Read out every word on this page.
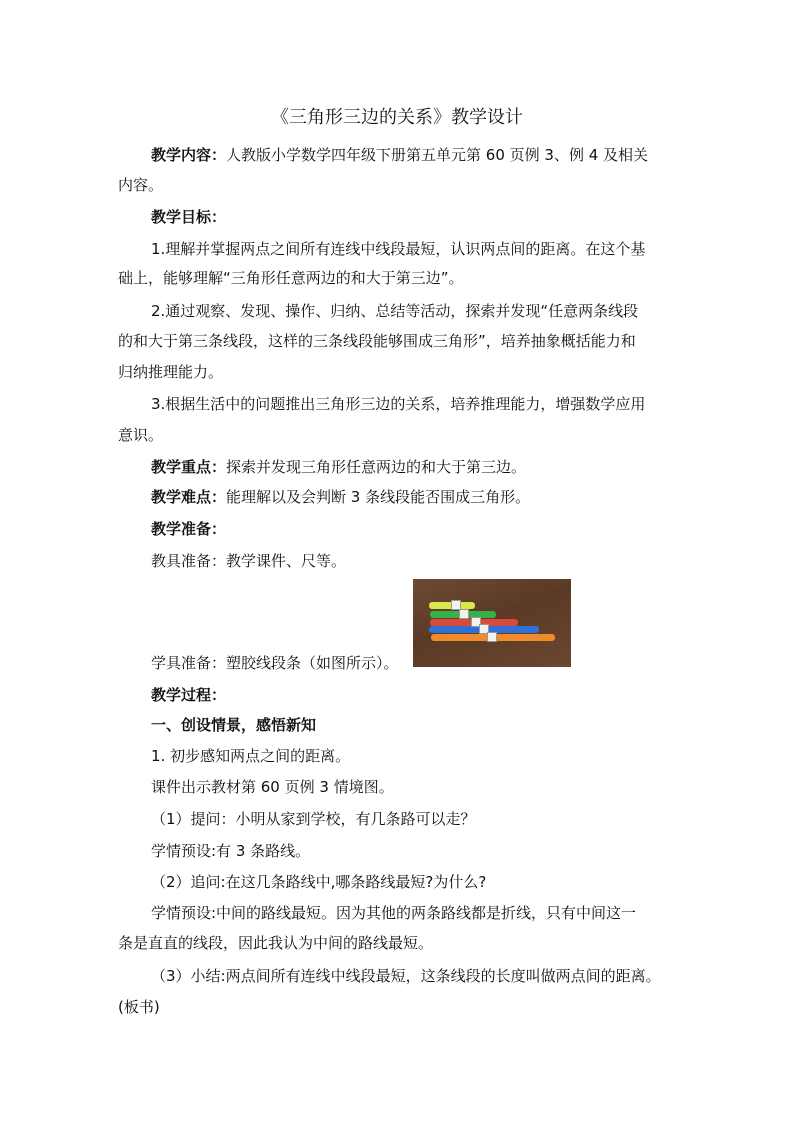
《三角形三边的关系》教学设计
教学内容：人教版小学数学四年级下册第五单元第 60 页例 3、例 4 及相关
内容。
教学目标：
1.理解并掌握两点之间所有连线中线段最短，认识两点间的距离。在这个基
础上，能够理解“三角形任意两边的和大于第三边”。
2.通过观察、发现、操作、归纳、总结等活动，探索并发现“任意两条线段
的和大于第三条线段，这样的三条线段能够围成三角形”，培养抽象概括能力和
归纳推理能力。
3.根据生活中的问题推出三角形三边的关系，培养推理能力，增强数学应用
意识。
教学重点：探索并发现三角形任意两边的和大于第三边。
教学难点：能理解以及会判断 3 条线段能否围成三角形。
教学准备：
教具准备：教学课件、尺等。
学具准备：塑胶线段条（如图所示）。
教学过程：
一、创设情景，感悟新知
1. 初步感知两点之间的距离。
课件出示教材第 60 页例 3 情境图。
（1）提问：小明从家到学校，有几条路可以走？
学情预设:有 3 条路线。
（2）追问:在这几条路线中,哪条路线最短?为什么?
学情预设:中间的路线最短。因为其他的两条路线都是折线，只有中间这一
条是直直的线段，因此我认为中间的路线最短。
（3）小结:两点间所有连线中线段最短，这条线段的长度叫做两点间的距离。
(板书)
